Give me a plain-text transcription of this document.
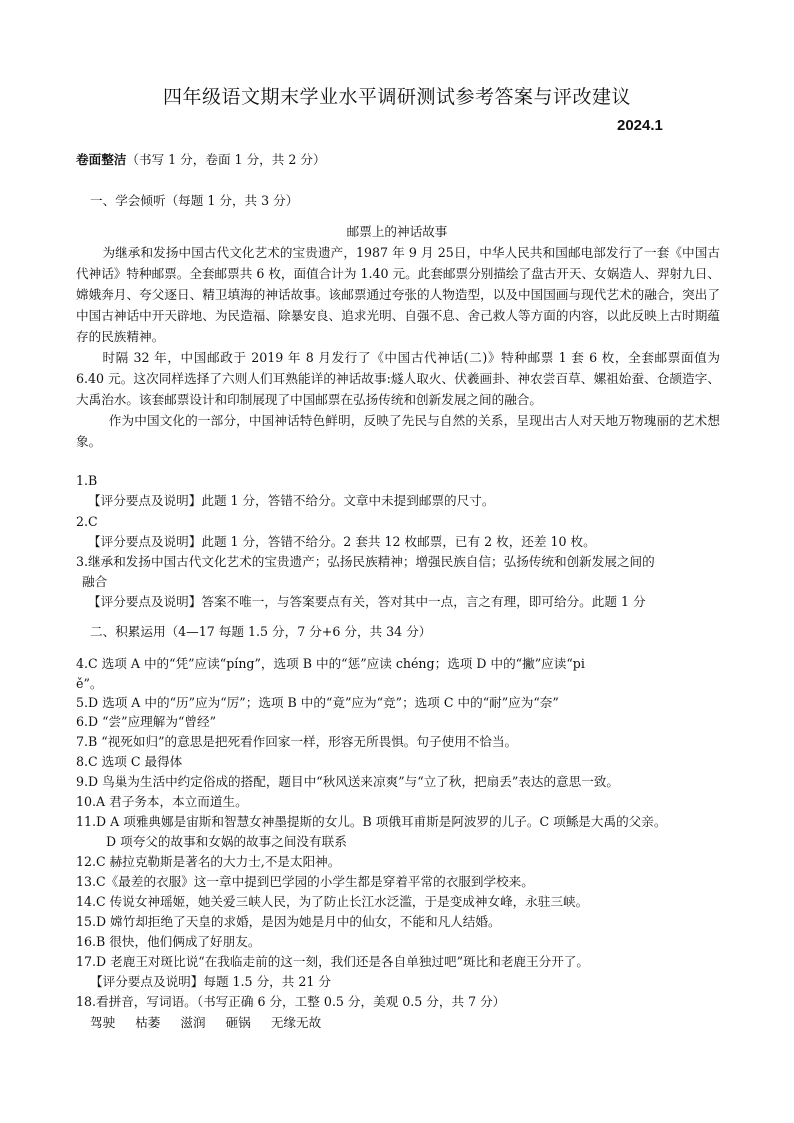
四年级语文期末学业水平调研测试参考答案与评改建议
2024.1
卷面整洁（书写 1 分，卷面 1 分，共 2 分）
一、学会倾听（每题 1 分，共 3 分）
邮票上的神话故事

为继承和发扬中国古代文化艺术的宝贵遗产，1987 年 9 月 25日，中华人民共和国邮电部发行了一套《中国古代神话》特种邮票。全套邮票共 6 枚，面值合计为 1.40 元。此套邮票分别描绘了盘古开天、女娲造人、羿射九日、嫦娥奔月、夸父逐日、精卫填海的神话故事。该邮票通过夸张的人物造型，以及中国国画与现代艺术的融合，突出了中国古神话中开天辟地、为民造福、除暴安良、追求光明、自强不息、舍己救人等方面的内容，以此反映上古时期蕴存的民族精神。

时隔 32 年，中国邮政于 2019 年 8 月发行了《中国古代神话(二)》特种邮票 1 套 6 枚，全套邮票面值为 6.40 元。这次同样选择了六则人们耳熟能详的神话故事:燧人取火、伏羲画卦、神农尝百草、嫘祖始蚕、仓颉造字、大禹治水。该套邮票设计和印制展现了中国邮票在弘扬传统和创新发展之间的融合。

作为中国文化的一部分，中国神话特色鲜明，反映了先民与自然的关系，呈现出古人对天地万物瑰丽的艺术想象。

1.B
【评分要点及说明】此题 1 分，答错不给分。文章中未提到邮票的尺寸。
2.C
【评分要点及说明】此题 1 分，答错不给分。2 套共 12 枚邮票，已有 2 枚，还差 10 枚。
3.继承和发扬中国古代文化艺术的宝贵遗产；弘扬民族精神；增强民族自信；弘扬传统和创新发展之间的
融合
【评分要点及说明】答案不唯一，与答案要点有关，答对其中一点，言之有理，即可给分。此题 1 分
二、积累运用（4—17 每题 1.5 分，7 分+6 分，共 34 分）
4.C 选项 A 中的“凭”应读“píng”，选项 B 中的“惩”应读 chéng；选项 D 中的“撇”应读“pi
ě”。
5.D 选项 A 中的“历”应为“厉”；选项 B 中的“竟”应为“竞”；选项 C 中的“耐”应为“奈”
6.D “尝”应理解为“曾经”
7.B “视死如归”的意思是把死看作回家一样，形容无所畏惧。句子使用不恰当。
8.C 选项 C 最得体
9.D 鸟巢为生活中约定俗成的搭配，题目中“秋风送来凉爽”与“立了秋，把扇丢”表达的意思一致。
10.A 君子务本，本立而道生。
11.D A 项雅典娜是宙斯和智慧女神墨提斯的女儿。B 项俄耳甫斯是阿波罗的儿子。C 项鲧是大禹的父亲。
D 项夸父的故事和女娲的故事之间没有联系
12.C 赫拉克勒斯是著名的大力士,不是太阳神。
13.C《最差的衣服》这一章中提到巴学园的小学生都是穿着平常的衣服到学校来。
14.C 传说女神瑶姬，她关爱三峡人民，为了防止长江水泛滥，于是变成神女峰，永驻三峡。
15.D 嫦竹却拒绝了天皇的求婚，是因为她是月中的仙女，不能和凡人结婚。
16.B 很快，他们俩成了好朋友。
17.D 老鹿王对斑比说“在我临走前的这一刻，我们还是各自单独过吧”斑比和老鹿王分开了。
【评分要点及说明】每题 1.5 分，共 21 分
18.看拼音，写词语。（书写正确 6 分，工整 0.5 分，美观 0.5 分，共 7 分）
驾驶     枯萎     滋润     砸锅     无缘无故
